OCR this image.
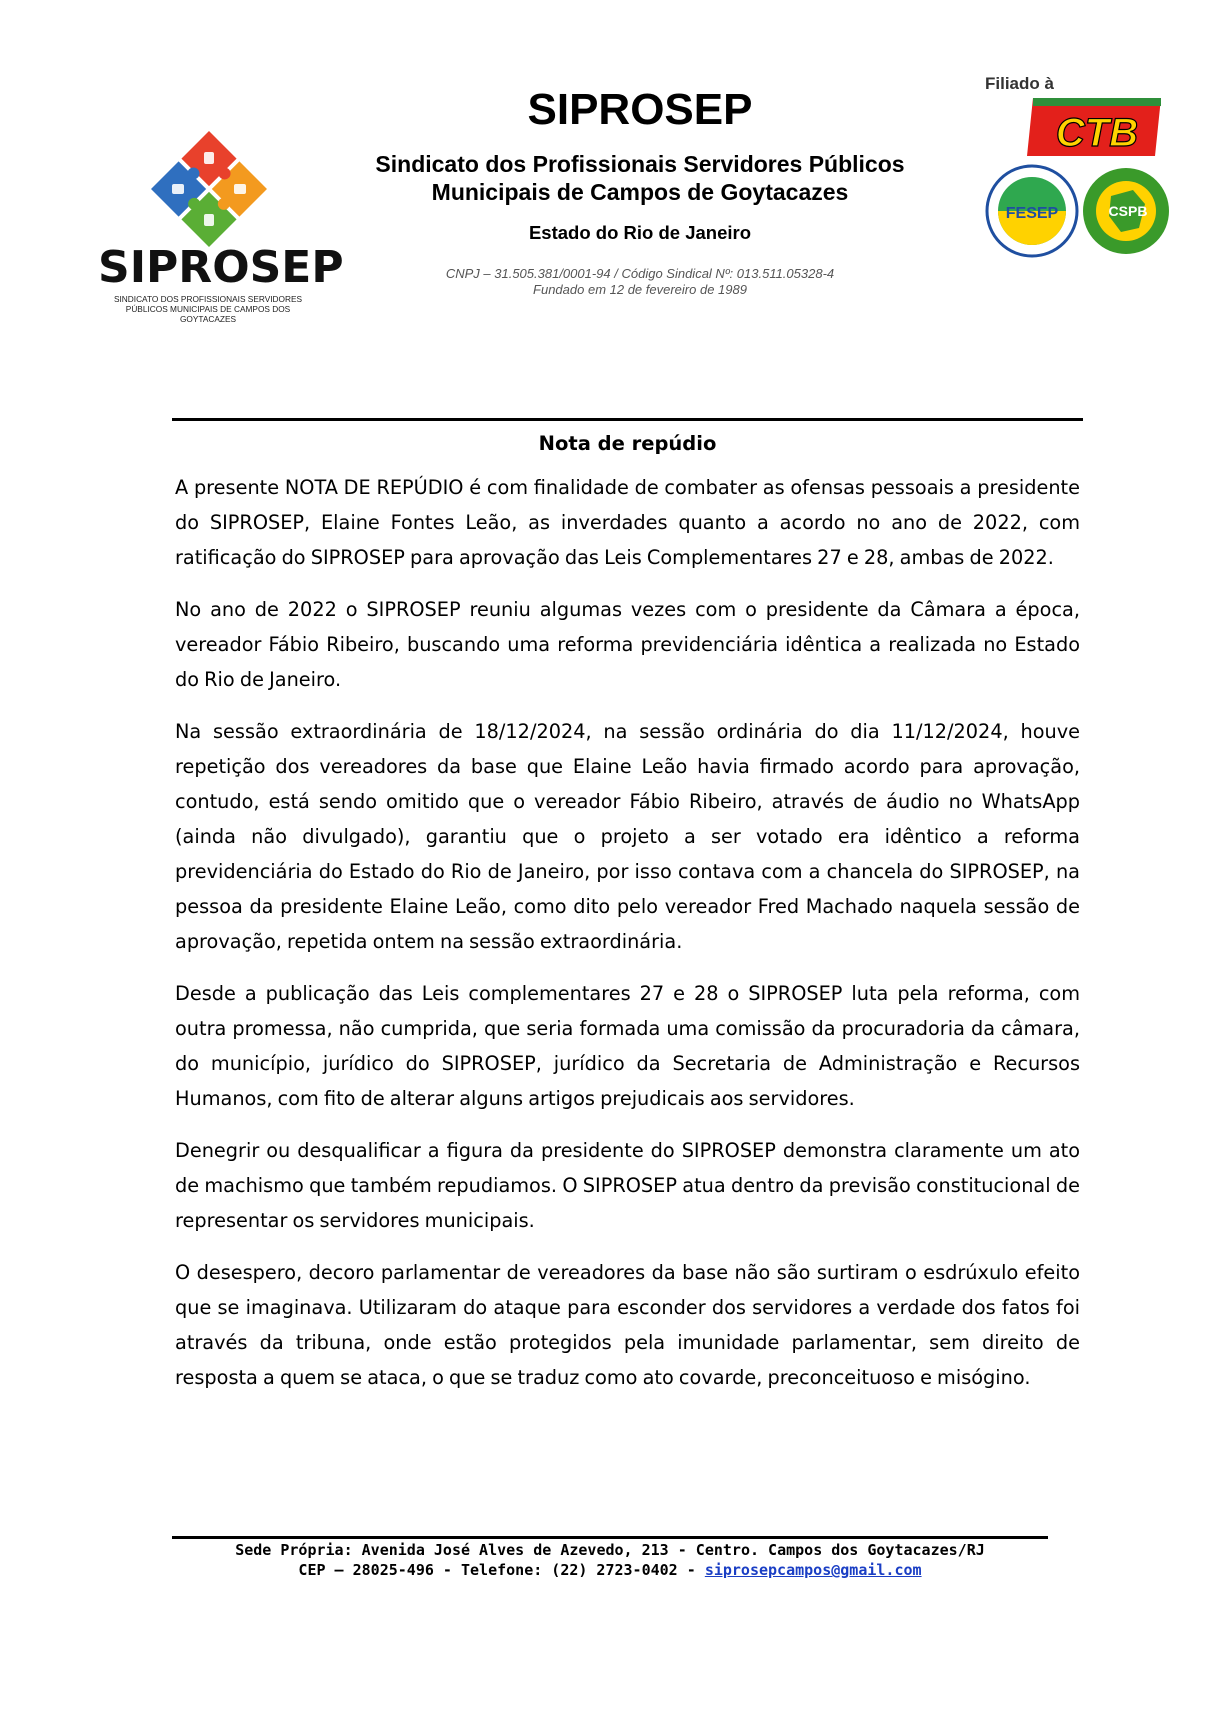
SIPROSEP
SINDICATO DOS PROFISSIONAIS SERVIDORES PÚBLICOS MUNICIPAIS DE CAMPOS DOS GOYTACAZES
SIPROSEP
Sindicato dos Profissionais Servidores Públicos
Municipais de Campos de Goytacazes
Estado do Rio de Janeiro
CNPJ – 31.505.381/0001-94 / Código Sindical Nº: 013.511.05328-4
Fundado em 12 de fevereiro de 1989
Filiado à
CTB
FESEP	CSPB
Nota de repúdio

A presente NOTA DE REPÚDIO é com finalidade de combater as ofensas pessoais a presidente do SIPROSEP, Elaine Fontes Leão, as inverdades quanto a acordo no ano de 2022, com ratificação do SIPROSEP para aprovação das Leis Complementares 27 e 28, ambas de 2022.

No ano de 2022 o SIPROSEP reuniu algumas vezes com o presidente da Câmara a época, vereador Fábio Ribeiro, buscando uma reforma previdenciária idêntica a realizada no Estado do Rio de Janeiro.

Na sessão extraordinária de 18/12/2024, na sessão ordinária do dia 11/12/2024, houve repetição dos vereadores da base que Elaine Leão havia firmado acordo para aprovação, contudo, está sendo omitido que o vereador Fábio Ribeiro, através de áudio no WhatsApp (ainda não divulgado), garantiu que o projeto a ser votado era idêntico a reforma previdenciária do Estado do Rio de Janeiro, por isso contava com a chancela do SIPROSEP, na pessoa da presidente Elaine Leão, como dito pelo vereador Fred Machado naquela sessão de aprovação, repetida ontem na sessão extraordinária.

Desde a publicação das Leis complementares 27 e 28 o SIPROSEP luta pela reforma, com outra promessa, não cumprida, que seria formada uma comissão da procuradoria da câmara, do município, jurídico do SIPROSEP, jurídico da Secretaria de Administração e Recursos Humanos, com fito de alterar alguns artigos prejudicais aos servidores.

Denegrir ou desqualificar a figura da presidente do SIPROSEP demonstra claramente um ato de machismo que também repudiamos. O SIPROSEP atua dentro da previsão constitucional de representar os servidores municipais.

O desespero, decoro parlamentar de vereadores da base não são surtiram o esdrúxulo efeito que se imaginava. Utilizaram do ataque para esconder dos servidores a verdade dos fatos foi através da tribuna, onde estão protegidos pela imunidade parlamentar, sem direito de resposta a quem se ataca, o que se traduz como ato covarde, preconceituoso e misógino.

Sede Própria: Avenida José Alves de Azevedo, 213 - Centro. Campos dos Goytacazes/RJ
CEP – 28025-496 - Telefone: (22) 2723-0402 - siprosepcampos@gmail.com
